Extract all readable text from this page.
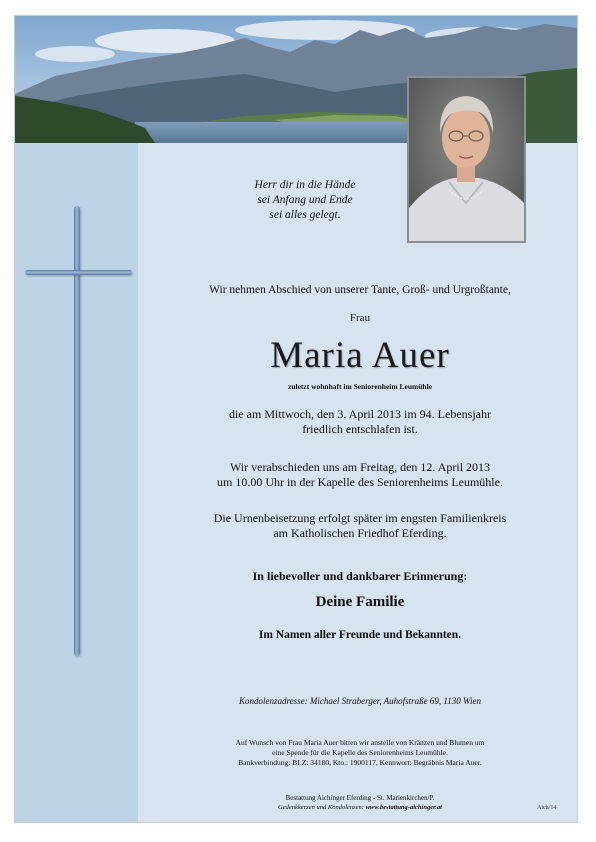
Herr dir in die Hände
sei Anfang und Ende
sei alles gelegt.
Wir nehmen Abschied von unserer Tante, Groß- und Urgroßtante,
Frau
Maria Auer
zuletzt wohnhaft im Seniorenheim Leumühle
die am Mittwoch, den 3. April 2013 im 94. Lebensjahr
friedlich entschlafen ist.
Wir verabschieden uns am Freitag, den 12. April 2013
um 10.00 Uhr in der Kapelle des Seniorenheims Leumühle.
Die Urnenbeisetzung erfolgt später im engsten Familienkreis
am Katholischen Friedhof Eferding.
In liebevoller und dankbarer Erinnerung:
Deine Familie
Im Namen aller Freunde und Bekannten.
Kondolenzadresse: Michael Straberger, Auhofstraße 69, 1130 Wien
Auf Wunsch von Frau Maria Auer bitten wir anstelle von Kränzen und Blumen um
eine Spende für die Kapelle des Seniorenheims Leumühle.
Bankverbindung: BLZ: 34180, Kto.: 1900117, Kennwort: Begräbnis Maria Auer.
Bestattung Aichinger Eferding - St. Marienkirchen/P.
Gedenkkerzen und Kondolenzen: www.bestattung-aichinger.at	Aich/14
